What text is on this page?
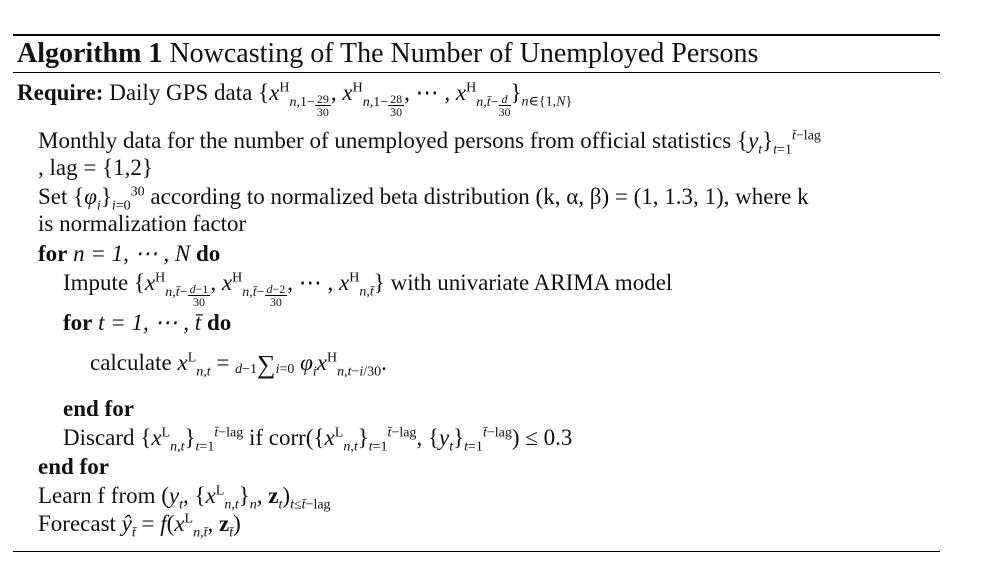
Algorithm 1 Nowcasting of The Number of Unemployed Persons
Require: Daily GPS data {$x^H_{n,1- \frac{29}{30}}$
, $x^H_{n,1- \frac{28}{30}}$
, ⋯ , $x^H_{n,t̄- \frac{d}{30}}$
}$_{n\in\{1,N\}}$
Monthly data for the number of unemployed persons from official statistics $\{y_t\}_{t=1}^{t̄-lag}$
, lag = {1,2}
Set $\{\varphi_i\}_{i=0}^{30}$ according to normalized beta distribution (k, α, β) = (1, 1.3, 1), where k
is normalization factor
for n = 1, ⋯ , N do
Impute {$x^H_{n,t̄- \frac{d-1}{30}}$
, $x^H_{n,t̄- \frac{d-2}{30}}$
, ⋯ , $x^H_{n,t̄}$} with univariate ARIMA model
for t = 1, ⋯ , t̄ do
calculate $x^L_{n,t} = d-1\sum i=0$ $\varphi_ix^H_{n,t-i/30}$.
end for
Discard $\{x^L_{n,t}\}_{t=1}^{t̄-lag}$ if $corr(\{x^L_{n,t}\}_{t=1}^{t̄-lag}$, $\{y_t\}_{t=1}^{t̄-lag}) \le 0.3$
end for
Learn f from ($y_t$, $\{x^L_{n,t}\}_n$, $z_t)_{t\le t̄-lag}$
Forecast $ŷ_{t̄} = f(x^L_{n,t̄}$, $z_{t̄}$)
